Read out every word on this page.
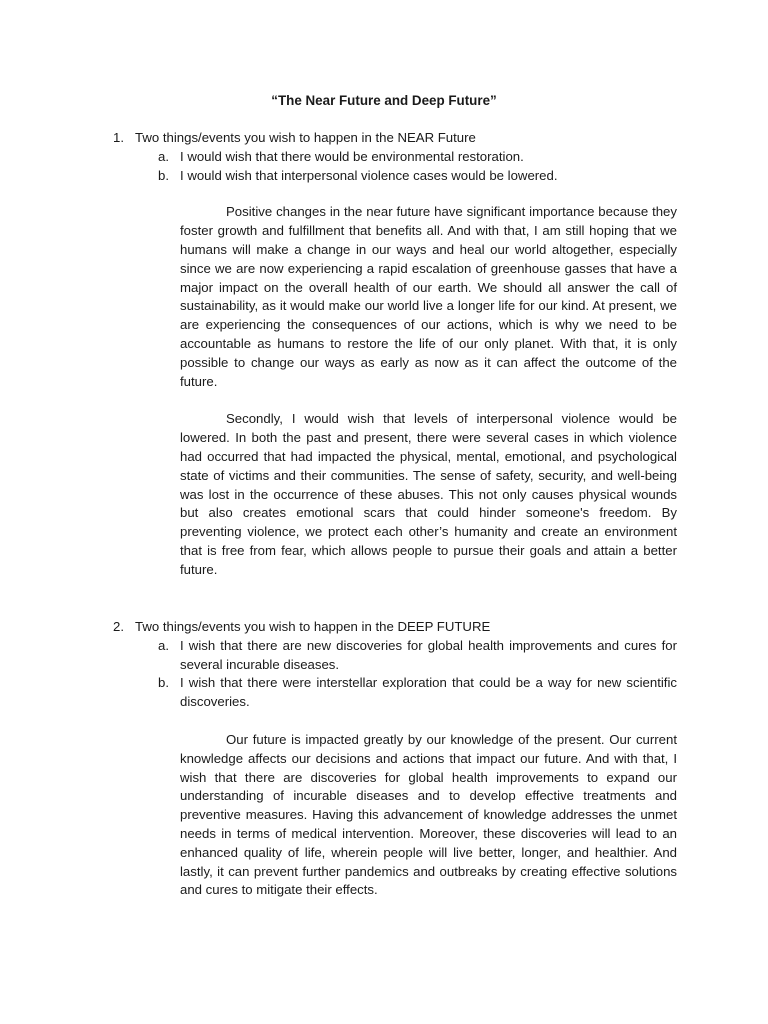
“The Near Future and Deep Future”
1. Two things/events you wish to happen in the NEAR Future
a. I would wish that there would be environmental restoration.
b. I would wish that interpersonal violence cases would be lowered.

Positive changes in the near future have significant importance because they foster growth and fulfillment that benefits all. And with that, I am still hoping that we humans will make a change in our ways and heal our world altogether, especially since we are now experiencing a rapid escalation of greenhouse gasses that have a major impact on the overall health of our earth. We should all answer the call of sustainability, as it would make our world live a longer life for our kind. At present, we are experiencing the consequences of our actions, which is why we need to be accountable as humans to restore the life of our only planet. With that, it is only possible to change our ways as early as now as it can affect the outcome of the future.

Secondly, I would wish that levels of interpersonal violence would be lowered. In both the past and present, there were several cases in which violence had occurred that had impacted the physical, mental, emotional, and psychological state of victims and their communities. The sense of safety, security, and well-being was lost in the occurrence of these abuses. This not only causes physical wounds but also creates emotional scars that could hinder someone's freedom. By preventing violence, we protect each other’s humanity and create an environment that is free from fear, which allows people to pursue their goals and attain a better future.

2. Two things/events you wish to happen in the DEEP FUTURE
a. I wish that there are new discoveries for global health improvements and cures for several incurable diseases.
b. I wish that there were interstellar exploration that could be a way for new scientific discoveries.

Our future is impacted greatly by our knowledge of the present. Our current knowledge affects our decisions and actions that impact our future. And with that, I wish that there are discoveries for global health improvements to expand our understanding of incurable diseases and to develop effective treatments and preventive measures. Having this advancement of knowledge addresses the unmet needs in terms of medical intervention. Moreover, these discoveries will lead to an enhanced quality of life, wherein people will live better, longer, and healthier. And lastly, it can prevent further pandemics and outbreaks by creating effective solutions and cures to mitigate their effects.
